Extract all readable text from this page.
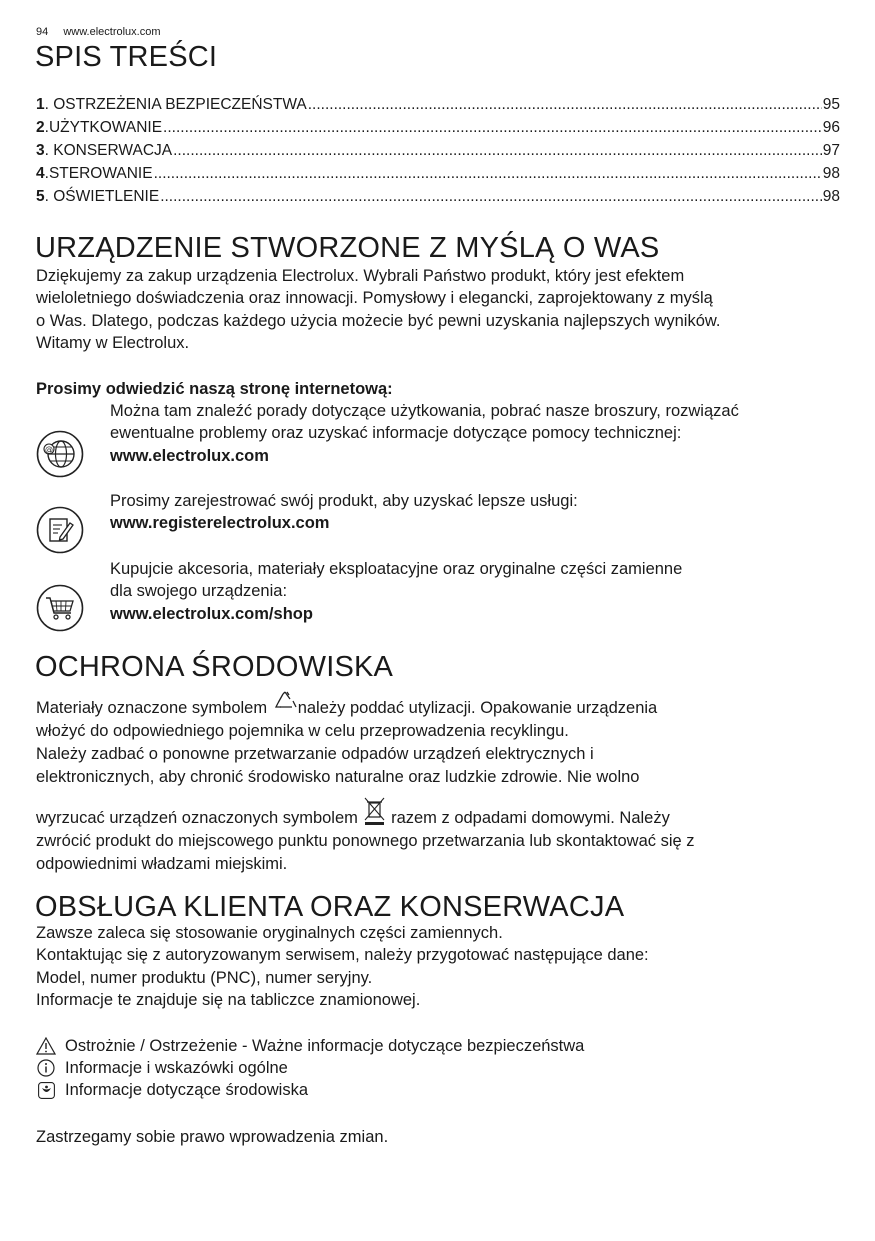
94 www.electrolux.com
SPIS TREŚCI
1 . OSTRZEŻENIA BEZPIECZEŃSTWA .....	95
2 . UŻYTKOWANIE .....	96
3 . KONSERWACJA .....	97
4 . STEROWANIE .....	98
5 . OŚWIETLENIE .....	98
URZĄDZENIE STWORZONE Z MYŚLĄ O WAS

Dziękujemy za zakup urządzenia Electrolux. Wybrali Państwo produkt, który jest efektem

wieloletniego doświadczenia oraz innowacji. Pomysłowy i elegancki, zaprojektowany z myślą

o Was. Dlatego, podczas każdego użycia możecie być pewni uzyskania najlepszych wyników.

Witamy w Electrolux.

Prosimy odwiedzić naszą stronę internetową:
@
Można tam znaleźć porady dotyczące użytkowania, pobrać nasze broszury, rozwiązać
ewentualne problemy oraz uzyskać informacje dotyczące pomocy technicznej:
www.electrolux.com
Prosimy zarejestrować swój produkt, aby uzyskać lepsze usługi:
www.registerelectrolux.com
Kupujcie akcesoria, materiały eksploatacyjne oraz oryginalne części zamienne
dla swojego urządzenia:
www.electrolux.com/shop
OCHRONA ŚRODOWISKA

Materiały oznaczone symbolem należy poddać utylizacji. Opakowanie urządzenia

włożyć do odpowiedniego pojemnika w celu przeprowadzenia recyklingu.

Należy zadbać o ponowne przetwarzanie odpadów urządzeń elektrycznych i

elektronicznych, aby chronić środowisko naturalne oraz ludzkie zdrowie. Nie wolno

wyrzucać urządzeń oznaczonych symbolem  razem z odpadami domowymi. Należy

zwrócić produkt do miejscowego punktu ponownego przetwarzania lub skontaktować się z

odpowiednimi władzami miejskimi.

OBSŁUGA KLIENTA ORAZ KONSERWACJA

Zawsze zaleca się stosowanie oryginalnych części zamiennych.

Kontaktując się z autoryzowanym serwisem, należy przygotować następujące dane:

Model, numer produktu (PNC), numer seryjny.

Informacje te znajduje się na tabliczce znamionowej.

Ostrożnie / Ostrzeżenie - Ważne informacje dotyczące bezpieczeństwa
Informacje i wskazówki ogólne
Informacje dotyczące środowiska
Zastrzegamy sobie prawo wprowadzenia zmian.
